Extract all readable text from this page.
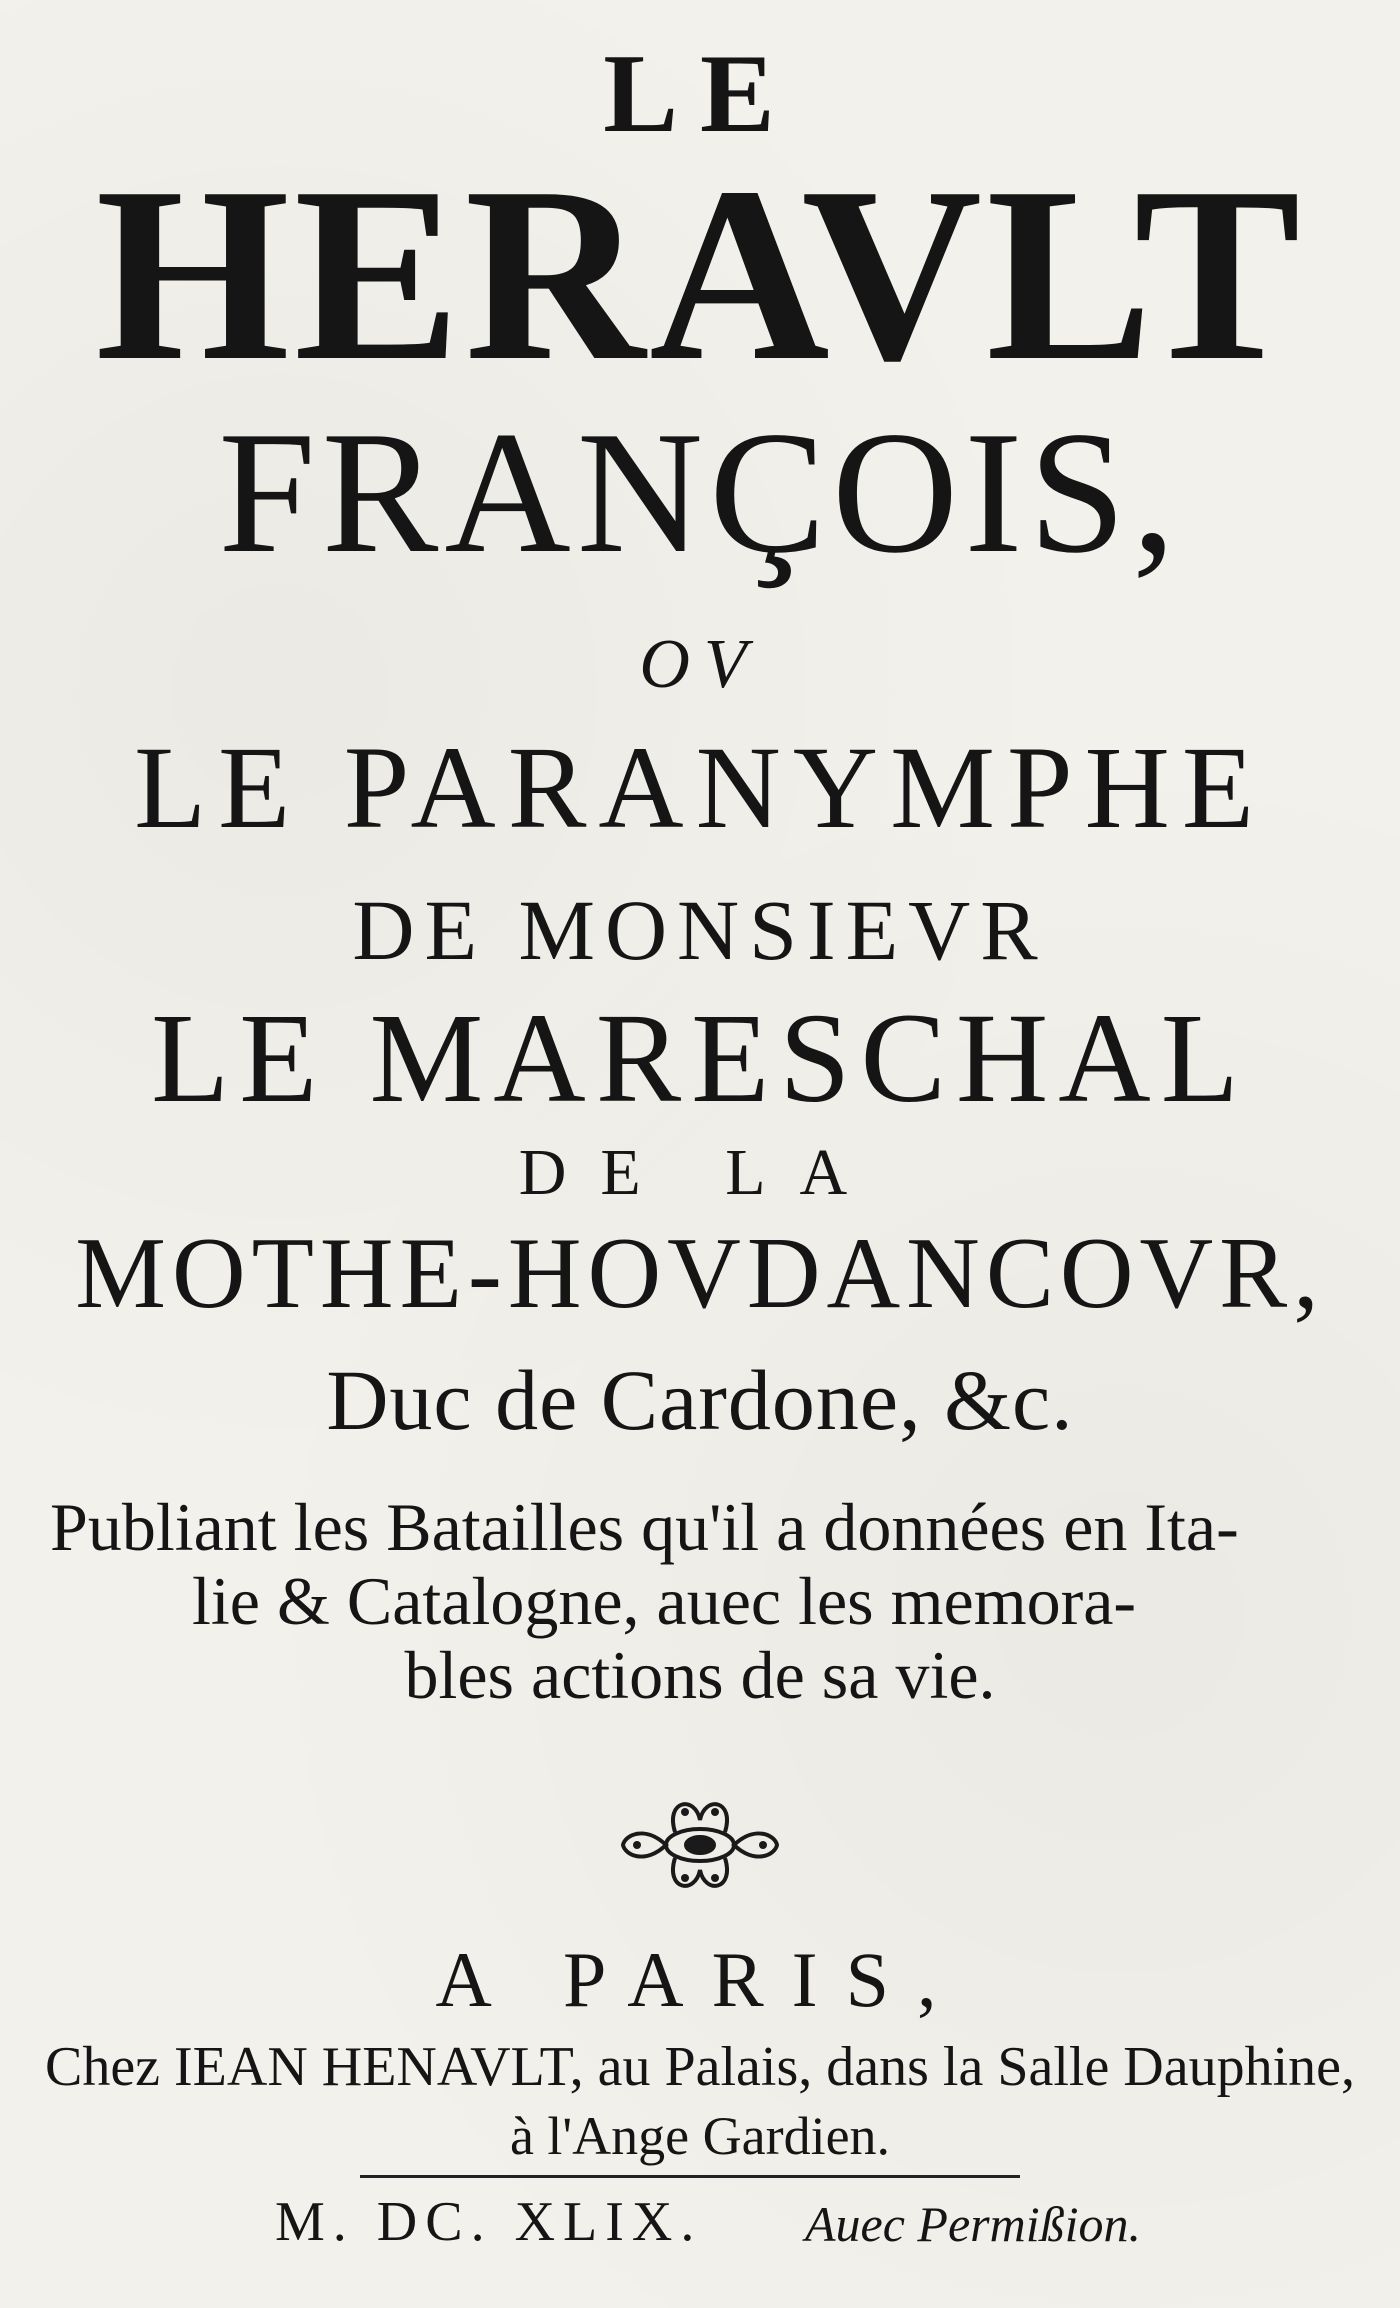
LE
HERAVLT
FRANÇOIS,
OV
LE PARANYMPHE
DE MONSIEVR
LE MARESCHAL
DE LA
MOTHE-HOVDANCOVR,
Duc de Cardone, &c.
Publiant les Batailles qu'il a données en Ita-
lie & Catalogne, auec les memora-
bles actions de sa vie.
A PARIS,
Chez IEAN HENAVLT, au Palais, dans la Salle Dauphine,
à l'Ange Gardien.
M. DC. XLIX. Auec Permißion.
